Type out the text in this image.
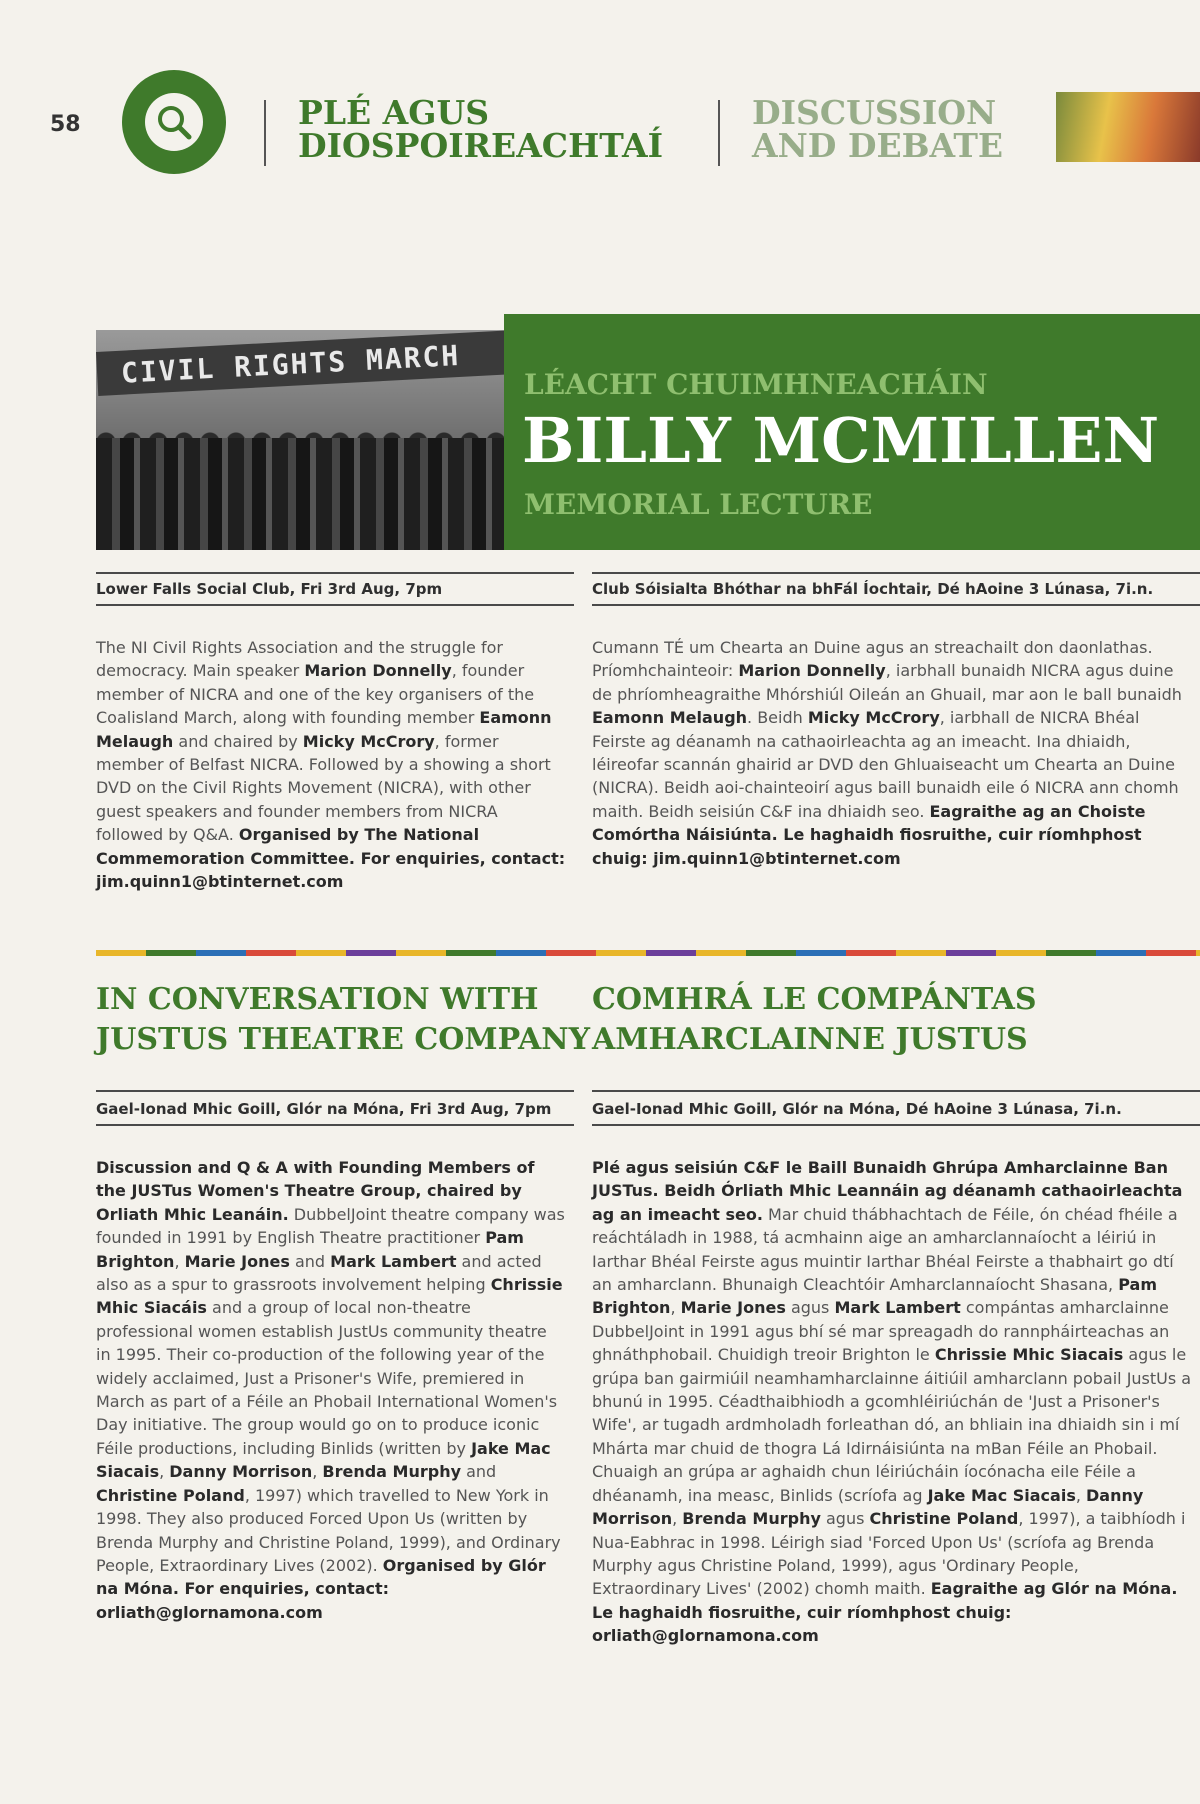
58	PLÉ AGUS
DIOSPOIREACHTAÍ
DISCUSSION
AND DEBATE
CIVIL RIGHTS MARCH LÉACHT CHUIMHNEACHÁIN
BILLY MCMILLEN
MEMORIAL LECTURE
Lower Falls Social Club, Fri 3rd Aug, 7pm	Club Sóisialta Bhóthar na bhFál Íochtair, Dé hAoine 3 Lúnasa, 7i.n.

The NI Civil Rights Association and the struggle for democracy. Main speaker Marion Donnelly, founder member of NICRA and one of the key organisers of the Coalisland March, along with founding member Eamonn Melaugh and chaired by Micky McCrory, former member of Belfast NICRA. Followed by a showing a short DVD on the Civil Rights Movement (NICRA), with other guest speakers and founder members from NICRA followed by Q&A. Organised by The National Commemoration Committee. For enquiries, contact: jim.quinn1@btinternet.com

Cumann TÉ um Chearta an Duine agus an streachailt don daonlathas. Príomhchainteoir: Marion Donnelly, iarbhall bunaidh NICRA agus duine de phríomheagraithe Mhórshiúl Oileán an Ghuail, mar aon le ball bunaidh Eamonn Melaugh. Beidh Micky McCrory, iarbhall de NICRA Bhéal Feirste ag déanamh na cathaoirleachta ag an imeacht. Ina dhiaidh, léireofar scannán ghairid ar DVD den Ghluaiseacht um Chearta an Duine (NICRA). Beidh aoi-chainteoirí agus baill bunaidh eile ó NICRA ann chomh maith. Beidh seisiún C&F ina dhiaidh seo. Eagraithe ag an Choiste Comórtha Náisiúnta. Le haghaidh fiosruithe, cuir ríomhphost chuig: jim.quinn1@btinternet.com

IN CONVERSATION WITH
JUSTUS THEATRE COMPANY
COMHRÁ LE COMPÁNTAS
AMHARCLAINNE JUSTUS
Gael-Ionad Mhic Goill, Glór na Móna, Fri 3rd Aug, 7pm	Gael-Ionad Mhic Goill, Glór na Móna, Dé hAoine 3 Lúnasa, 7i.n.

Discussion and Q & A with Founding Members of the JUSTus Women's Theatre Group, chaired by Orliath Mhic Leanáin. DubbelJoint theatre company was founded in 1991 by English Theatre practitioner Pam Brighton, Marie Jones and Mark Lambert and acted also as a spur to grassroots involvement helping Chrissie Mhic Siacáis and a group of local non-theatre professional women establish JustUs community theatre in 1995. Their co-production of the following year of the widely acclaimed, Just a Prisoner's Wife, premiered in March as part of a Féile an Phobail International Women's Day initiative. The group would go on to produce iconic Féile productions, including Binlids (written by Jake Mac Siacais, Danny Morrison, Brenda Murphy and Christine Poland, 1997) which travelled to New York in 1998. They also produced Forced Upon Us (written by Brenda Murphy and Christine Poland, 1999), and Ordinary People, Extraordinary Lives (2002). Organised by Glór na Móna. For enquiries, contact: orliath@glornamona.com

Plé agus seisiún C&F le Baill Bunaidh Ghrúpa Amharclainne Ban JUSTus. Beidh Órliath Mhic Leannáin ag déanamh cathaoirleachta ag an imeacht seo. Mar chuid thábhachtach de Féile, ón chéad fhéile a reáchtáladh in 1988, tá acmhainn aige an amharclannaíocht a léiriú in Iarthar Bhéal Feirste agus muintir Iarthar Bhéal Feirste a thabhairt go dtí an amharclann. Bhunaigh Cleachtóir Amharclannaíocht Shasana, Pam Brighton, Marie Jones agus Mark Lambert compántas amharclainne DubbelJoint in 1991 agus bhí sé mar spreagadh do rannpháirteachas an ghnáthphobail. Chuidigh treoir Brighton le Chrissie Mhic Siacais agus le grúpa ban gairmiúil neamhamharclainne áitiúil amharclann pobail JustUs a bhunú in 1995. Céadthaibhiodh a gcomhléiriúchán de 'Just a Prisoner's Wife', ar tugadh ardmholadh forleathan dó, an bhliain ina dhiaidh sin i mí Mhárta mar chuid de thogra Lá Idirnáisiúnta na mBan Féile an Phobail. Chuaigh an grúpa ar aghaidh chun léiriúcháin íocónacha eile Féile a dhéanamh, ina measc, Binlids (scríofa ag Jake Mac Siacais, Danny Morrison, Brenda Murphy agus Christine Poland, 1997), a taibhíodh i Nua-Eabhrac in 1998. Léirigh siad 'Forced Upon Us' (scríofa ag Brenda Murphy agus Christine Poland, 1999), agus 'Ordinary People, Extraordinary Lives' (2002) chomh maith. Eagraithe ag Glór na Móna. Le haghaidh fiosruithe, cuir ríomhphost chuig: orliath@glornamona.com
